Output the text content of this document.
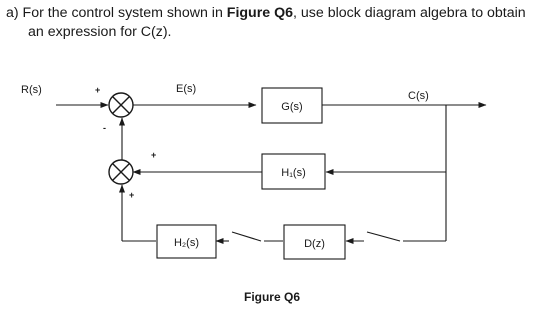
a) For the control system shown in Figure Q6, use block diagram algebra to obtain
an expression for C(z).
R(s)	C(s)
E(s)
G(s)
H₁(s)
H₂(s)	D(z)
+
-
+
+
Figure Q6
